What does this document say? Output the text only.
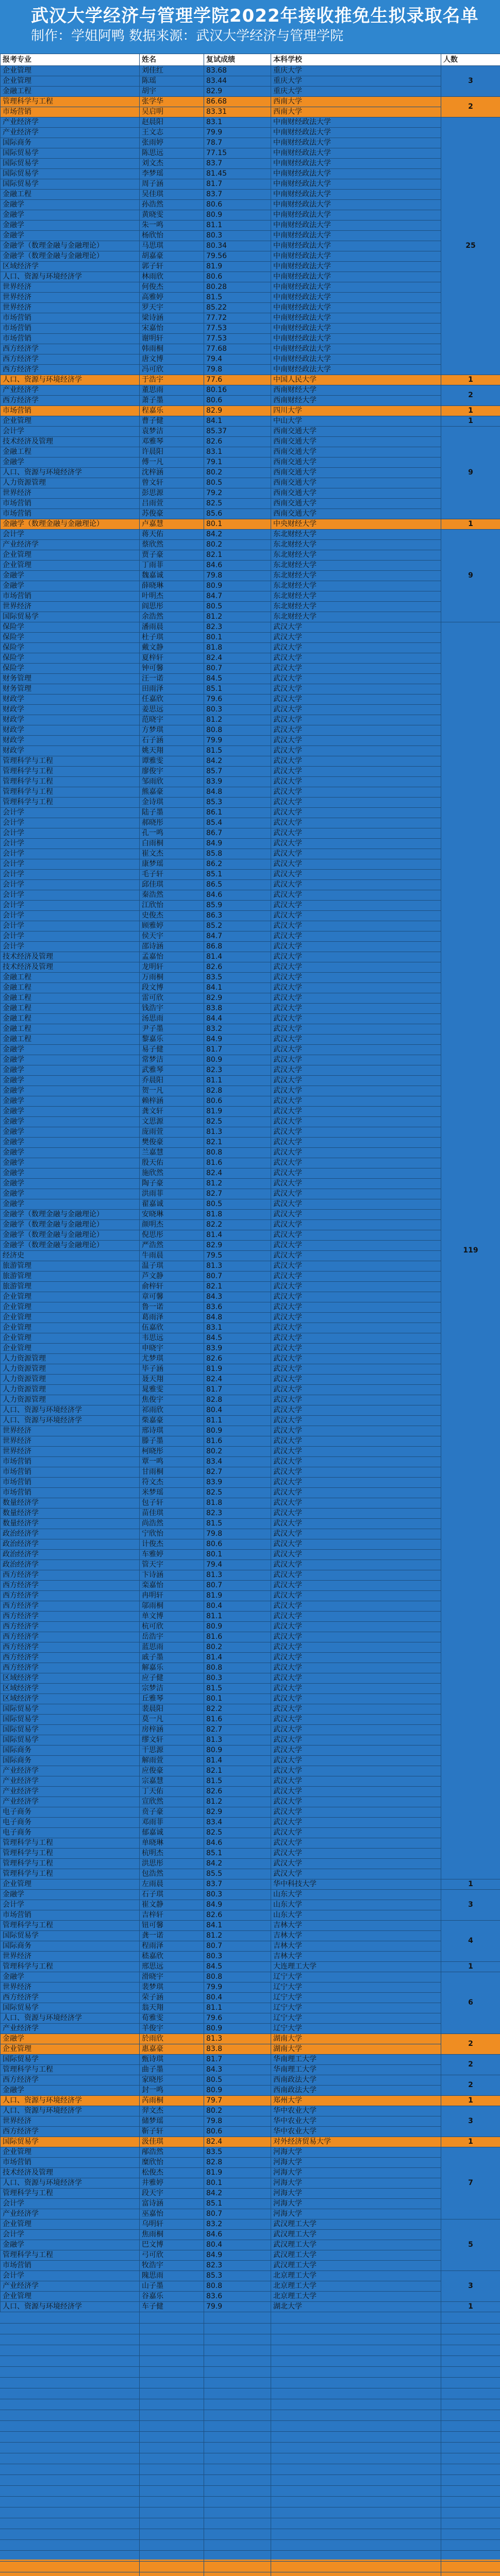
武汉大学经济与管理学院2022年接收推免生拟录取名单
制作：学姐阿鸭 数据来源：武汉大学经济与管理学院
报考专业	姓名	复试成绩	本科学校	人数
企业管理	刘佳红	83.68	重庆大学	3
企业管理	陈瑶	83.44	重庆大学	
金融工程	胡宇	82.9	重庆大学	
管理科学与工程	张学华	86.68	西南大学	2
市场营销	吴启明	83.31	西南大学	
产业经济学	赵晨阳	83.1	中南财经政法大学	25
产业经济学	王文志	79.9	中南财经政法大学	
国际商务	张雨婷	78.7	中南财经政法大学	
国际贸易学	陈思远	77.15	中南财经政法大学	
国际贸易学	刘文杰	83.7	中南财经政法大学	
国际贸易学	李梦瑶	81.45	中南财经政法大学	
国际贸易学	周子涵	81.7	中南财经政法大学	
金融工程	吴佳琪	83.7	中南财经政法大学	
金融学	孙浩然	80.6	中南财经政法大学	
金融学	黄晓雯	80.9	中南财经政法大学	
金融学	朱一鸣	81.1	中南财经政法大学	
金融学	杨欣怡	80.3	中南财经政法大学	
金融学（数理金融与金融理论）	马思琪	80.34	中南财经政法大学	
金融学（数理金融与金融理论）	胡嘉豪	79.56	中南财经政法大学	
区域经济学	郭子轩	81.9	中南财经政法大学	
人口、资源与环境经济学	林雨欣	80.6	中南财经政法大学	
世界经济	何俊杰	80.28	中南财经政法大学	
世界经济	高雅婷	81.5	中南财经政法大学	
世界经济	罗天宇	85.22	中南财经政法大学	
市场营销	梁诗涵	77.72	中南财经政法大学	
市场营销	宋嘉怡	77.53	中南财经政法大学	
市场营销	谢明轩	77.53	中南财经政法大学	
西方经济学	韩雨桐	77.68	中南财经政法大学	
西方经济学	唐文博	79.4	中南财经政法大学	
西方经济学	冯可欣	79.8	中南财经政法大学	
人口、资源与环境经济学	于浩宇	77.6	中国人民大学	1
产业经济学	董思雨	80.16	西南财经大学	2
西方经济学	萧子墨	80.6	西南财经大学	
市场营销	程嘉乐	82.9	四川大学	1
企业管理	曹子健	84.1	中山大学	1
会计学	袁梦洁	85.37	西南交通大学	9
技术经济及管理	邓雅琴	82.6	西南交通大学	
金融工程	许晨阳	83.1	西南交通大学	
金融学	傅一凡	79.1	西南交通大学	
人口、资源与环境经济学	沈梓涵	80.2	西南交通大学	
人力资源管理	曾文轩	80.5	西南交通大学	
世界经济	彭思源	79.2	西南交通大学	
市场营销	吕雨萱	82.5	西南交通大学	
市场营销	苏俊豪	85.6	西南交通大学	
金融学（数理金融与金融理论）	卢嘉慧	80.1	中央财经大学	1
会计学	蒋天佑	84.2	东北财经大学	9
产业经济学	蔡欣然	80.2	东北财经大学	
企业管理	贾子豪	82.1	东北财经大学	
企业管理	丁雨菲	84.6	东北财经大学	
金融学	魏嘉诚	79.8	东北财经大学	
金融学	薛晓琳	80.9	东北财经大学	
市场营销	叶明杰	84.7	东北财经大学	
世界经济	阎思彤	80.5	东北财经大学	
国际贸易学	余浩然	81.2	东北财经大学	
保险学	潘雨晨	82.3	武汉大学	119
保险学	杜子琪	80.1	武汉大学	
保险学	戴文静	81.8	武汉大学	
保险学	夏梓轩	82.4	武汉大学	
保险学	钟可馨	80.7	武汉大学	
财务管理	汪一诺	84.5	武汉大学	
财务管理	田雨泽	85.1	武汉大学	
财政学	任嘉欣	79.6	武汉大学	
财政学	姜思远	80.3	武汉大学	
财政学	范晓宇	81.2	武汉大学	
财政学	方梦琪	80.8	武汉大学	
财政学	石子涵	79.9	武汉大学	
财政学	姚天翔	81.5	武汉大学	
管理科学与工程	谭雅雯	84.2	武汉大学	
管理科学与工程	廖俊宇	85.7	武汉大学	
管理科学与工程	邹雨欣	83.9	武汉大学	
管理科学与工程	熊嘉豪	84.8	武汉大学	
管理科学与工程	金诗琪	85.3	武汉大学	
会计学	陆子墨	86.1	武汉大学	
会计学	郝晓彤	85.4	武汉大学	
会计学	孔一鸣	86.7	武汉大学	
会计学	白雨桐	84.9	武汉大学	
会计学	崔文杰	85.8	武汉大学	
会计学	康梦瑶	86.2	武汉大学	
会计学	毛子轩	85.1	武汉大学	
会计学	邱佳琪	86.5	武汉大学	
会计学	秦浩然	84.6	武汉大学	
会计学	江欣怡	85.9	武汉大学	
会计学	史俊杰	86.3	武汉大学	
会计学	顾雅婷	85.2	武汉大学	
会计学	侯天宇	84.7	武汉大学	
会计学	邵诗涵	86.8	武汉大学	
技术经济及管理	孟嘉怡	81.4	武汉大学	
技术经济及管理	龙明轩	82.6	武汉大学	
金融工程	万雨桐	83.5	武汉大学	
金融工程	段文博	84.1	武汉大学	
金融工程	雷可欣	82.9	武汉大学	
金融工程	钱浩宇	83.8	武汉大学	
金融工程	汤思雨	84.4	武汉大学	
金融工程	尹子墨	83.2	武汉大学	
金融工程	黎嘉乐	84.9	武汉大学	
金融学	易子健	81.7	武汉大学	
金融学	常梦洁	80.9	武汉大学	
金融学	武雅琴	82.3	武汉大学	
金融学	乔晨阳	81.1	武汉大学	
金融学	贺一凡	82.8	武汉大学	
金融学	赖梓涵	80.6	武汉大学	
金融学	龚文轩	81.9	武汉大学	
金融学	文思源	82.5	武汉大学	
金融学	庞雨萱	81.3	武汉大学	
金融学	樊俊豪	82.1	武汉大学	
金融学	兰嘉慧	80.8	武汉大学	
金融学	殷天佑	81.6	武汉大学	
金融学	施欣然	82.4	武汉大学	
金融学	陶子豪	81.2	武汉大学	
金融学	洪雨菲	82.7	武汉大学	
金融学	翟嘉诚	80.5	武汉大学	
金融学（数理金融与金融理论）	安晓琳	81.8	武汉大学	
金融学（数理金融与金融理论）	颜明杰	82.2	武汉大学	
金融学（数理金融与金融理论）	倪思彤	81.4	武汉大学	
金融学（数理金融与金融理论）	严浩然	82.9	武汉大学	
经济史	牛雨晨	79.5	武汉大学	
旅游管理	温子琪	81.3	武汉大学	
旅游管理	芦文静	80.7	武汉大学	
旅游管理	俞梓轩	82.1	武汉大学	
企业管理	章可馨	84.3	武汉大学	
企业管理	鲁一诺	83.6	武汉大学	
企业管理	葛雨泽	84.8	武汉大学	
企业管理	伍嘉欣	83.1	武汉大学	
企业管理	韦思远	84.5	武汉大学	
企业管理	申晓宇	83.9	武汉大学	
人力资源管理	尤梦琪	82.6	武汉大学	
人力资源管理	毕子涵	81.9	武汉大学	
人力资源管理	聂天翔	82.4	武汉大学	
人力资源管理	晁雅雯	81.7	武汉大学	
人力资源管理	焦俊宇	82.8	武汉大学	
人口、资源与环境经济学	祁雨欣	80.4	武汉大学	
人口、资源与环境经济学	柴嘉豪	81.1	武汉大学	
世界经济	邢诗琪	80.9	武汉大学	
世界经济	滕子墨	81.6	武汉大学	
世界经济	柯晓彤	80.2	武汉大学	
市场营销	覃一鸣	83.4	武汉大学	
市场营销	甘雨桐	82.7	武汉大学	
市场营销	符文杰	83.9	武汉大学	
市场营销	米梦瑶	82.5	武汉大学	
数量经济学	包子轩	81.8	武汉大学	
数量经济学	苗佳琪	82.3	武汉大学	
数量经济学	尚浩然	81.5	武汉大学	
政治经济学	宁欣怡	79.8	武汉大学	
政治经济学	计俊杰	80.6	武汉大学	
政治经济学	车雅婷	80.1	武汉大学	
政治经济学	管天宇	79.4	武汉大学	
西方经济学	卞诗涵	81.3	武汉大学	
西方经济学	栾嘉怡	80.7	武汉大学	
西方经济学	冉明轩	81.9	武汉大学	
西方经济学	邬雨桐	80.4	武汉大学	
西方经济学	单文博	81.1	武汉大学	
西方经济学	杭可欣	80.9	武汉大学	
西方经济学	岳浩宇	81.6	武汉大学	
西方经济学	蓝思雨	80.2	武汉大学	
西方经济学	戚子墨	81.4	武汉大学	
西方经济学	解嘉乐	80.8	武汉大学	
区域经济学	应子健	80.3	武汉大学	
区域经济学	宗梦洁	81.5	武汉大学	
区域经济学	丘雅琴	80.1	武汉大学	
国际贸易学	裴晨阳	82.2	武汉大学	
国际贸易学	莫一凡	81.6	武汉大学	
国际贸易学	房梓涵	82.7	武汉大学	
国际贸易学	缪文轩	81.3	武汉大学	
国际商务	干思源	80.9	武汉大学	
国际商务	解雨萱	81.4	武汉大学	
产业经济学	应俊豪	82.1	武汉大学	
产业经济学	宗嘉慧	81.5	武汉大学	
产业经济学	丁天佑	82.6	武汉大学	
产业经济学	宣欣然	81.2	武汉大学	
电子商务	贲子豪	82.9	武汉大学	
电子商务	邓雨菲	83.4	武汉大学	
电子商务	郁嘉诚	82.5	武汉大学	
管理科学与工程	单晓琳	84.6	武汉大学	
管理科学与工程	杭明杰	85.1	武汉大学	
管理科学与工程	洪思彤	84.2	武汉大学	
管理科学与工程	包浩然	85.5	武汉大学	
企业管理	左雨晨	83.7	华中科技大学	1
金融学	石子琪	80.3	山东大学	3
会计学	崔文静	84.9	山东大学	
市场营销	吉梓轩	82.6	山东大学	
管理科学与工程	钮可馨	84.1	吉林大学	4
国际贸易学	龚一诺	81.2	吉林大学	
国际商务	程雨泽	80.7	吉林大学	
世界经济	嵇嘉欣	80.3	吉林大学	
管理科学与工程	邢思远	84.5	大连理工大学	1
金融学	滑晓宇	80.8	辽宁大学	6
世界经济	裴梦琪	79.9	辽宁大学	
西方经济学	荣子涵	80.4	辽宁大学	
国际贸易学	翁天翔	81.1	辽宁大学	
人口、资源与环境经济学	荀雅雯	79.6	辽宁大学	
产业经济学	羊俊宇	80.9	辽宁大学	
金融学	於雨欣	81.3	湖南大学	2
企业管理	惠嘉豪	83.8	湖南大学	
国际贸易学	甄诗琪	81.7	华南理工大学	2
管理科学与工程	曲子墨	84.3	华南理工大学	
西方经济学	家晓彤	80.5	西南政法大学	2
金融学	封一鸣	80.9	西南政法大学	
人口、资源与环境经济学	芮雨桐	79.7	郑州大学	1
人口、资源与环境经济学	羿文杰	80.2	华中农业大学	3
世界经济	储梦瑶	79.8	华中农业大学	
西方经济学	靳子轩	80.6	华中农业大学	
国际贸易学	汲佳琪	82.4	对外经济贸易大学	1
企业管理	邴浩然	83.5	河海大学	7
市场营销	糜欣怡	82.8	河海大学	
技术经济及管理	松俊杰	81.9	河海大学	
人口、资源与环境经济学	井雅婷	80.1	河海大学	
管理科学与工程	段天宇	84.2	河海大学	
会计学	富诗涵	85.1	河海大学	
产业经济学	巫嘉怡	80.7	河海大学	
企业管理	乌明轩	83.2	武汉理工大学	5
会计学	焦雨桐	84.6	武汉理工大学	
金融学	巴文博	80.4	武汉理工大学	
管理科学与工程	弓可欣	84.9	武汉理工大学	
市场营销	牧浩宇	82.3	武汉理工大学	
会计学	隗思雨	85.3	北京理工大学	3
产业经济学	山子墨	80.8	北京理工大学	
企业管理	谷嘉乐	83.6	北京理工大学	
人口、资源与环境经济学	车子健	79.9	湖北大学	1
